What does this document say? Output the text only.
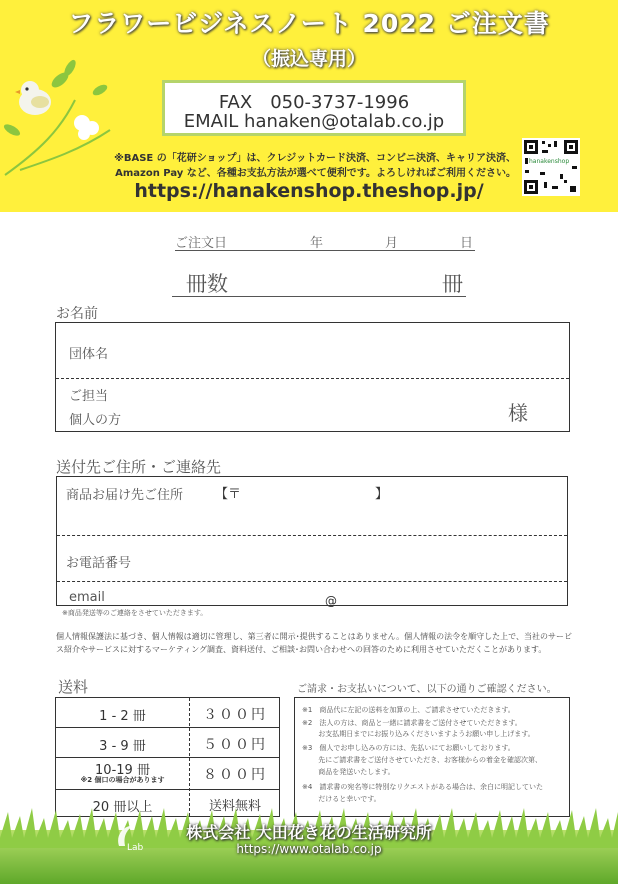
フラワービジネスノート 2022 ご注文書
（振込専用）
FAX　050-3737-1996
EMAIL hanaken@otalab.co.jp
※BASE の「花研ショップ」は、クレジットカード決済、コンビニ決済、キャリア決済、
Amazon Pay など、各種お支払方法が選べて便利です。よろしければご利用ください。
https://hanakenshop.theshop.jp/
hanakenshop
ご注文日	年	月	日
冊数	冊
お名前
団体名
ご担当
個人の方	様
送付先ご住所・ご連絡先
商品お届け先ご住所 【〒	】
お電話番号
email	@
※商品発送等のご連絡をさせていただきます。
個人情報保護法に基づき、個人情報は適切に管理し、第三者に開示･提供することはありません。個人情報の法令を順守した上で、当社のサービ
ス紹介やサービスに対するマーケティング調査、資料送付、ご相談･お問い合わせへの回答のために利用させていただくことがあります。
送料
1 - 2 冊	３００円
3 - 9 冊	５００円
10-19 冊
※2 個口の場合があります	８００円
20 冊以上	送料無料
ご請求・お支払いについて、以下の通りご確認ください。
※1　商品代に左記の送料を加算の上、ご請求させていただきます。
※2　法人の方は、商品と一緒に請求書をご送付させていただきます。
　　 お支払期日までにお振り込みくださいますようお願い申し上げます。
※3　個人でお申し込みの方には、先払いにてお願いしております。
　　 先にご請求書をご送付させていただき、お客様からの着金を確認次第、
　　 商品を発送いたします。
※4　請求書の宛名等に特別なリクエストがある場合は、余白に明記していた
　　 だけると幸いです。
Lab
株式会社 大田花き花の生活研究所
https://www.otalab.co.jp
